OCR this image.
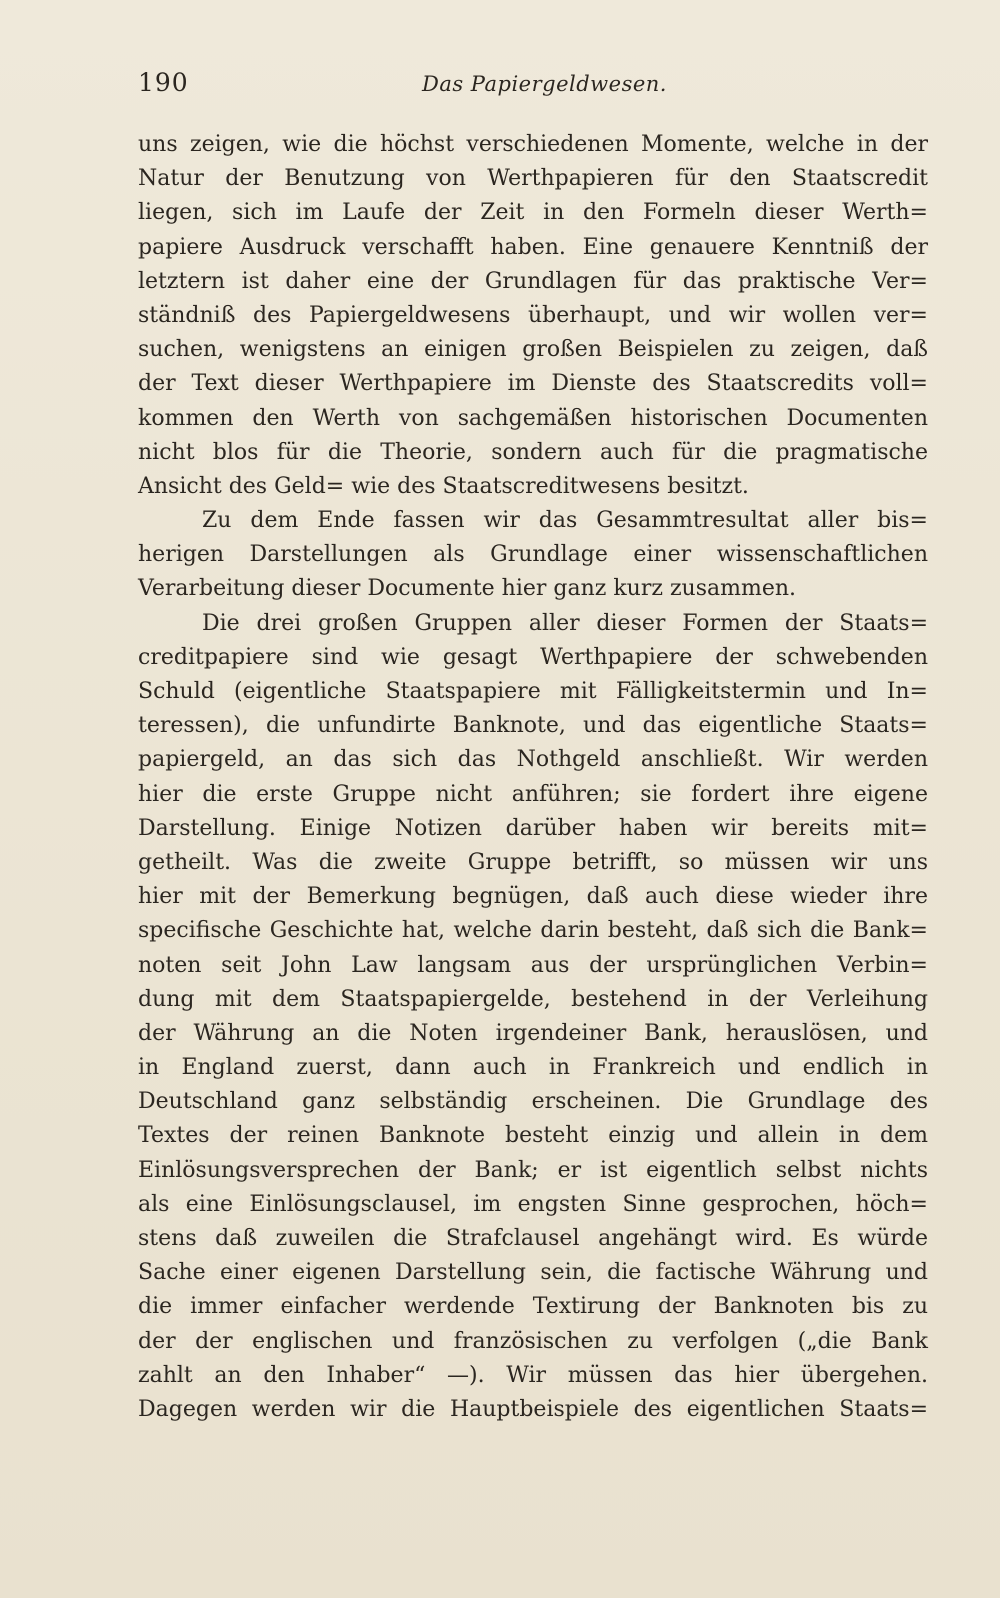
190	Das Papiergeldwesen.
uns zeigen, wie die höchst verschiedenen Momente, welche in der
Natur der Benutzung von Werthpapieren für den Staatscredit
liegen, sich im Laufe der Zeit in den Formeln dieser Werth=
papiere Ausdruck verschafft haben. Eine genauere Kenntniß der
letztern ist daher eine der Grundlagen für das praktische Ver=
ständniß des Papiergeldwesens überhaupt, und wir wollen ver=
suchen, wenigstens an einigen großen Beispielen zu zeigen, daß
der Text dieser Werthpapiere im Dienste des Staatscredits voll=
kommen den Werth von sachgemäßen historischen Documenten
nicht blos für die Theorie, sondern auch für die pragmatische
Ansicht des Geld= wie des Staatscreditwesens besitzt.
Zu dem Ende fassen wir das Gesammtresultat aller bis=
herigen Darstellungen als Grundlage einer wissenschaftlichen
Verarbeitung dieser Documente hier ganz kurz zusammen.
Die drei großen Gruppen aller dieser Formen der Staats=
creditpapiere sind wie gesagt Werthpapiere der schwebenden
Schuld (eigentliche Staatspapiere mit Fälligkeitstermin und In=
teressen), die unfundirte Banknote, und das eigentliche Staats=
papiergeld, an das sich das Nothgeld anschließt. Wir werden
hier die erste Gruppe nicht anführen; sie fordert ihre eigene
Darstellung. Einige Notizen darüber haben wir bereits mit=
getheilt. Was die zweite Gruppe betrifft, so müssen wir uns
hier mit der Bemerkung begnügen, daß auch diese wieder ihre
specifische Geschichte hat, welche darin besteht, daß sich die Bank=
noten seit John Law langsam aus der ursprünglichen Verbin=
dung mit dem Staatspapiergelde, bestehend in der Verleihung
der Währung an die Noten irgendeiner Bank, herauslösen, und
in England zuerst, dann auch in Frankreich und endlich in
Deutschland ganz selbständig erscheinen. Die Grundlage des
Textes der reinen Banknote besteht einzig und allein in dem
Einlösungsversprechen der Bank; er ist eigentlich selbst nichts
als eine Einlösungsclausel, im engsten Sinne gesprochen, höch=
stens daß zuweilen die Strafclausel angehängt wird. Es würde
Sache einer eigenen Darstellung sein, die factische Währung und
die immer einfacher werdende Textirung der Banknoten bis zu
der der englischen und französischen zu verfolgen („die Bank
zahlt an den Inhaber“ —). Wir müssen das hier übergehen.
Dagegen werden wir die Hauptbeispiele des eigentlichen Staats=
